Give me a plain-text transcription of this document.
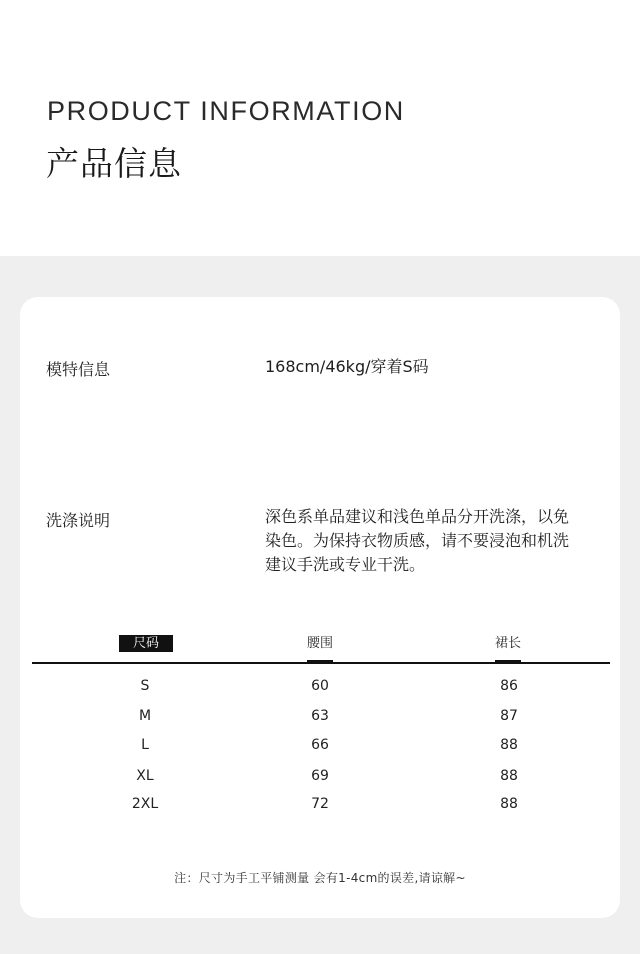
PRODUCT INFORMATION
产品信息
模特信息	168cm/46kg/穿着S码
洗涤说明	深色系单品建议和浅色单品分开洗涤，以免
染色。为保持衣物质感，请不要浸泡和机洗
建议手洗或专业干洗。
尺码	腰围	裙长
S	60	86
M	63	87
L	66	88
XL	69	88
2XL	72	88
注：尺寸为手工平铺测量 会有1-4cm的误差,请谅解~
